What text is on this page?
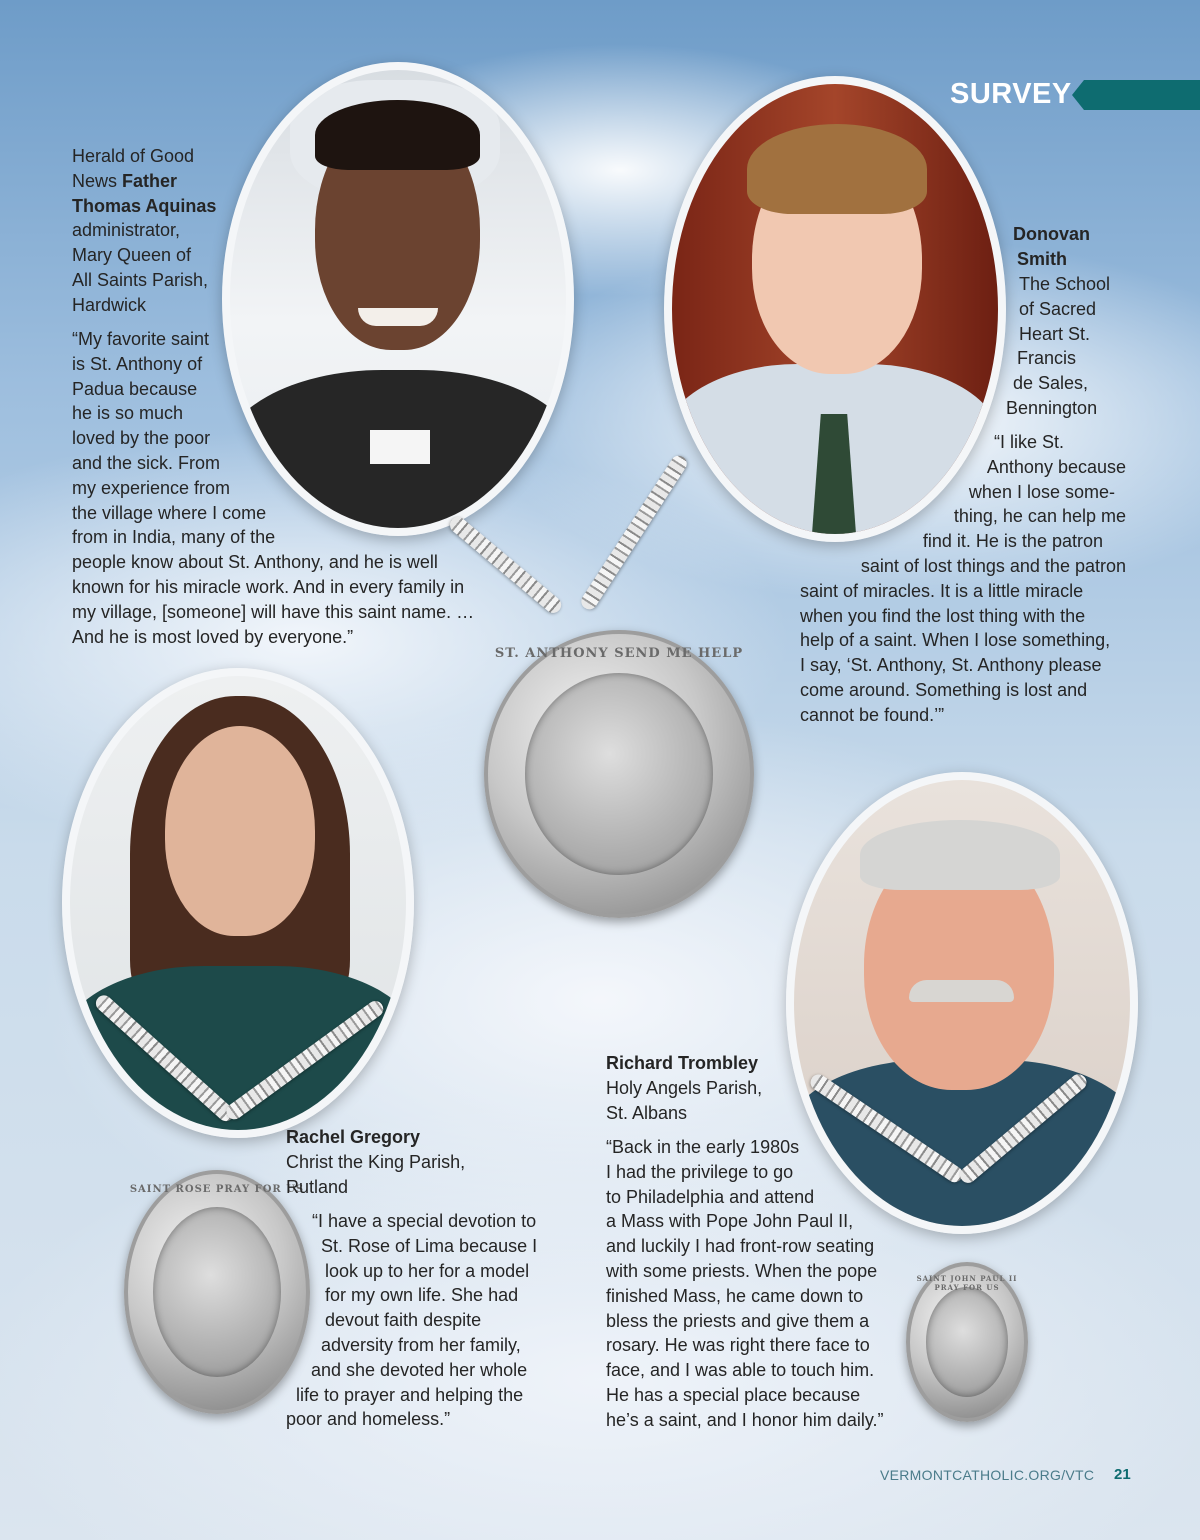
SURVEY
ST. ANTHONY SEND ME HELP
SAINT ROSE PRAY FOR US
SAINT JOHN PAUL II PRAY FOR US
Herald of Good
News Father
Thomas Aquinas
administrator,
Mary Queen of
All Saints Parish,
Hardwick
“My favorite saint
is St. Anthony of
Padua because
he is so much
loved by the poor
and the sick. From
my experience from
the village where I come
from in India, many of the
people know about St. Anthony, and he is well
known for his miracle work. And in every family in
my village, [someone] will have this saint name. …
And he is most loved by everyone.”
Donovan
Smith
The School
of Sacred
Heart St.
Francis
de Sales,
Bennington
“I like St.
Anthony because
when I lose some-
thing, he can help me
find it. He is the patron
saint of lost things and the patron
saint of miracles. It is a little miracle
when you find the lost thing with the
help of a saint. When I lose something,
I say, ‘St. Anthony, St. Anthony please
come around. Something is lost and
cannot be found.’”
Rachel Gregory
Christ the King Parish,
Rutland
“I have a special devotion to
St. Rose of Lima because I
look up to her for a model
for my own life. She had
devout faith despite
adversity from her family,
and she devoted her whole
life to prayer and helping the
poor and homeless.”
Richard Trombley
Holy Angels Parish,
St. Albans
“Back in the early 1980s
I had the privilege to go
to Philadelphia and attend
a Mass with Pope John Paul II,
and luckily I had front-row seating
with some priests. When the pope
finished Mass, he came down to
bless the priests and give them a
rosary. He was right there face to
face, and I was able to touch him.
He has a special place because
he’s a saint, and I honor him daily.”
VERMONTCATHOLIC.ORG/VTC 21
